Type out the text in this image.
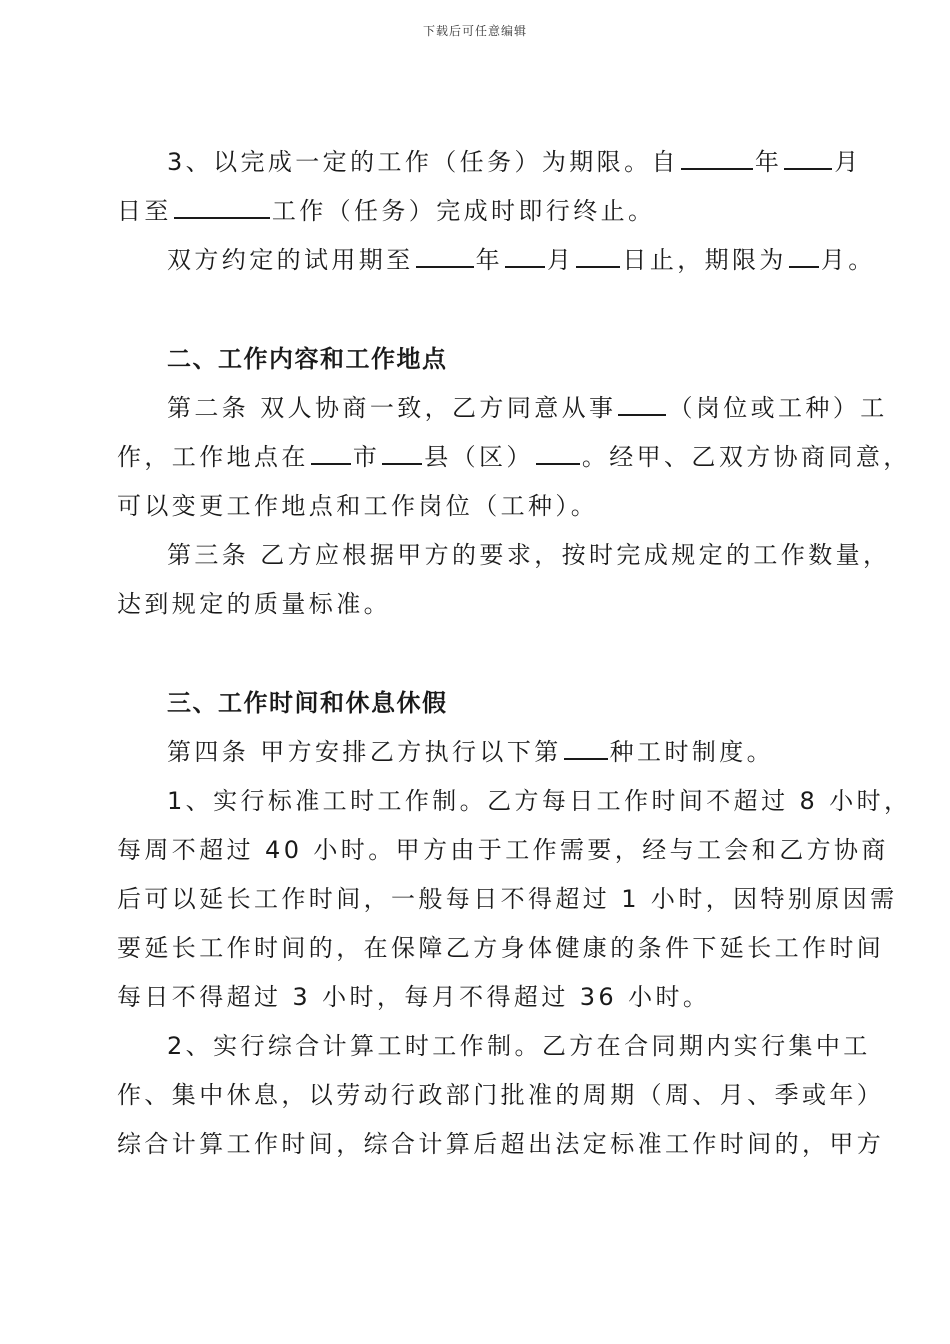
下载后可任意编辑
3、以完成一定的工作（任务）为期限。自	年 月
日至	工作（任务）完成时即行终止。
双方约定的试用期至	年 月 日止，期限为 月。
二、工作内容和工作地点
第二条 双人协商一致，乙方同意从事 （岗位或工种）工
作，工作地点在 市 县（区） 。经甲、乙双方协商同意，
可以变更工作地点和工作岗位（工种）。
第三条 乙方应根据甲方的要求，按时完成规定的工作数量，
达到规定的质量标准。
三、工作时间和休息休假
第四条 甲方安排乙方执行以下第 种工时制度。
1、实行标准工时工作制。乙方每日工作时间不超过 8 小时，
每周不超过 40 小时。甲方由于工作需要，经与工会和乙方协商
后可以延长工作时间，一般每日不得超过 1 小时，因特别原因需
要延长工作时间的，在保障乙方身体健康的条件下延长工作时间
每日不得超过 3 小时，每月不得超过 36 小时。
2、实行综合计算工时工作制。乙方在合同期内实行集中工
作、集中休息，以劳动行政部门批准的周期（周、月、季或年）
综合计算工作时间，综合计算后超出法定标准工作时间的，甲方
